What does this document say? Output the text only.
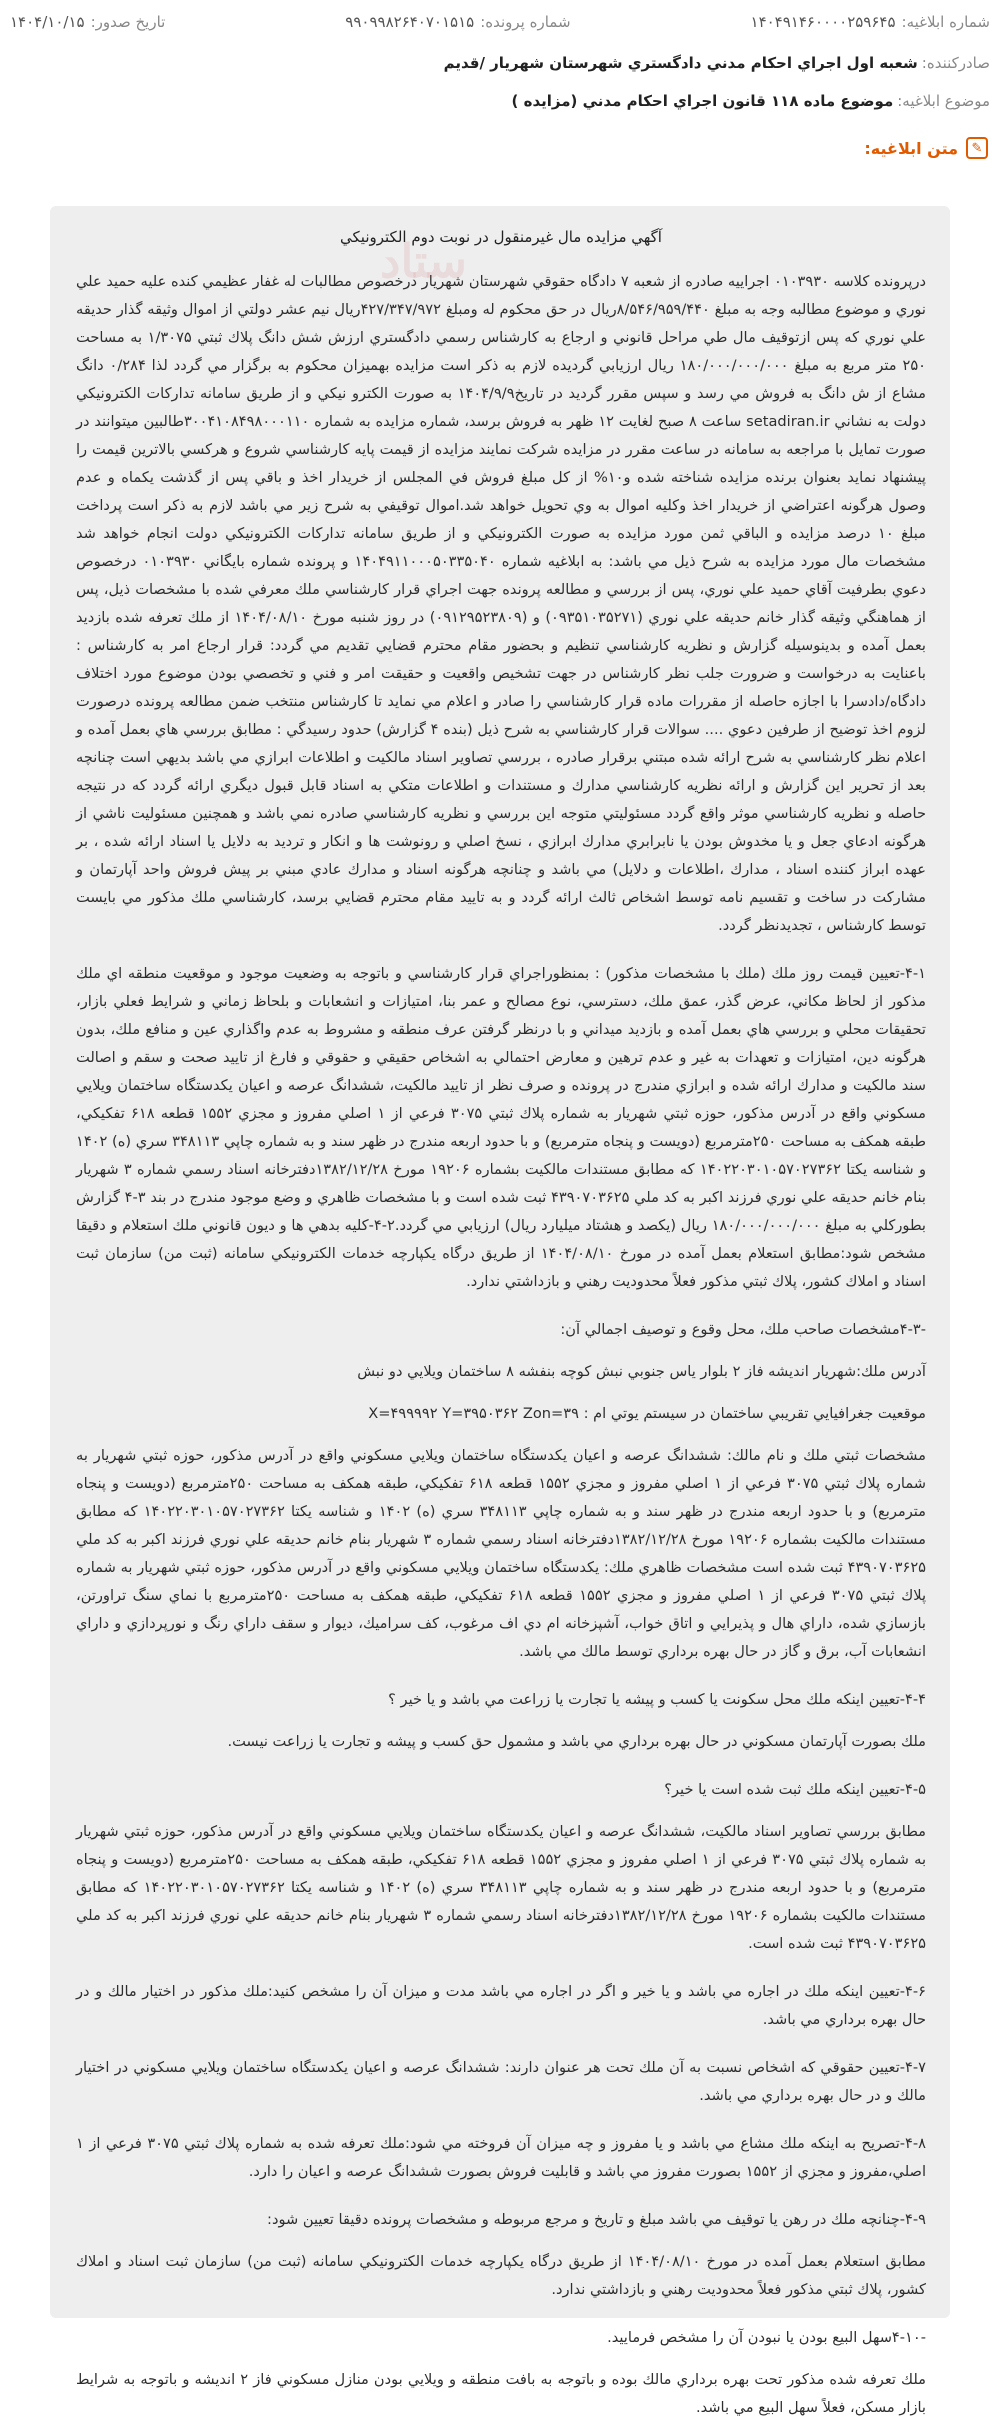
شماره ابلاغيه:۱۴۰۴۹۱۴۶۰۰۰۰۲۵۹۶۴۵
شماره پرونده:۹۹۰۹۹۸۲۶۴۰۷۰۱۵۱۵
تاريخ صدور:۱۴۰۴/۱۰/۱۵
صادركننده:شعبه اول اجراي احكام مدني دادگستري شهرستان شهريار /قديم
موضوع ابلاغيه:موضوع ماده ۱۱۸ قانون اجراي احكام مدني (مزايده )
✎
متن ابلاغيه:
ستاد
آگهي مزايده مال غيرمنقول در نوبت دوم الكترونيكي

درپرونده كلاسه ۰۱۰۳۹۳۰ اجراييه صادره از شعبه ۷ دادگاه حقوقي شهرستان شهريار درخصوص مطالبات له غفار عظيمي كنده عليه حميد علي نوري و موضوع مطالبه وجه به مبلغ ۸/۵۴۶/۹۵۹/۴۴۰ريال در حق محكوم له ومبلغ ۴۲۷/۳۴۷/۹۷۲ريال نيم عشر دولتي از اموال وثيقه گذار حديقه علي نوري كه پس ازتوقيف مال طي مراحل قانوني و ارجاع به كارشناس رسمي دادگستري ارزش شش دانگ پلاك ثبتي ۱/۳۰۷۵ به مساحت ۲۵۰ متر مربع به مبلغ ۱۸۰/۰۰۰/۰۰۰/۰۰۰ ريال ارزيابي گرديده لازم به ذكر است مزايده بهميزان محكوم به برگزار مي گردد لذا ۰/۲۸۴ دانگ مشاع از ش دانگ به فروش مي رسد و سپس مقرر گرديد در تاريخ۱۴۰۴/۹/۹ به صورت الكترو نيكي و از طريق سامانه تداركات الكترونيكي دولت به نشاني setadiran.ir ساعت ۸ صبح لغايت ۱۲ ظهر به فروش برسد، شماره مزايده به شماره ۳۰۰۴۱۰۸۴۹۸۰۰۰۱۱۰طالبين ميتوانند در صورت تمايل با مراجعه به سامانه در ساعت مقرر در مزايده شركت نمايند مزايده از قيمت پايه كارشناسي شروع و هركسي بالاترين قيمت را پيشنهاد نمايد بعنوان برنده مزايده شناخته شده و۱۰% از كل مبلغ فروش في المجلس از خريدار اخذ و باقي پس از گذشت يكماه و عدم وصول هرگونه اعتراضي از خريدار اخذ وكليه اموال به وي تحويل خواهد شد.اموال توقيفي به شرح زير مي باشد لازم به ذكر است پرداخت مبلغ ۱۰ درصد مزايده و الباقي ثمن مورد مزايده به صورت الكترونيكي و از طريق سامانه تداركات الكترونيكي دولت انجام خواهد شد مشخصات مال مورد مزايده به شرح ذيل مي باشد: به ابلاغيه شماره ۱۴۰۴۹۱۱۰۰۰۵۰۳۳۵۰۴۰ و پرونده شماره بايگاني ۰۱۰۳۹۳۰ درخصوص دعوي بطرفيت آقاي حميد علي نوري، پس از بررسي و مطالعه پرونده جهت اجراي قرار كارشناسي ملك معرفي شده با مشخصات ذيل، پس از هماهنگي وثيقه گذار خانم حديقه علي نوري (۰۹۳۵۱۰۳۵۲۷۱) و (۰۹۱۲۹۵۲۳۸۰۹) در روز شنبه مورخ ۱۴۰۴/۰۸/۱۰ از ملك تعرفه شده بازديد بعمل آمده و بدينوسيله گزارش و نظريه كارشناسي تنظيم و بحضور مقام محترم قضايي تقديم مي گردد: قرار ارجاع امر به كارشناس : باعنايت به درخواست و ضرورت جلب نظر كارشناس در جهت تشخيص واقعيت و حقيقت امر و فني و تخصصي بودن موضوع مورد اختلاف دادگاه/دادسرا با اجازه حاصله از مقررات ماده قرار كارشناسي را صادر و اعلام مي نمايد تا كارشناس منتخب ضمن مطالعه پرونده درصورت لزوم اخذ توضيح از طرفين دعوي .... سوالات قرار كارشناسي به شرح ذيل (بنده ۴ گزارش) حدود رسيدگي : مطابق بررسي هاي بعمل آمده و اعلام نظر كارشناسي به شرح ارائه شده مبتني برقرار صادره ، بررسي تصاوير اسناد مالكيت و اطلاعات ابرازي مي باشد بديهي است چنانچه بعد از تحرير اين گزارش و ارائه نظريه كارشناسي مدارك و مستندات و اطلاعات متكي به اسناد قابل قبول ديگري ارائه گردد كه در نتيجه حاصله و نظريه كارشناسي موثر واقع گردد مسئوليتي متوجه اين بررسي و نظريه كارشناسي صادره نمي باشد و همچنين مسئوليت ناشي از هرگونه ادعاي جعل و يا مخدوش بودن يا نابرابري مدارك ابرازي ، نسخ اصلي و رونوشت ها و انكار و ترديد به دلايل يا اسناد ارائه شده ، بر عهده ابراز كننده اسناد ، مدارك ،اطلاعات و دلايل) مي باشد و چنانچه هرگونه اسناد و مدارك عادي مبني بر پيش فروش واحد آپارتمان و مشاركت در ساخت و تقسيم نامه توسط اشخاص ثالث ارائه گردد و به تاييد مقام محترم قضايي برسد، كارشناسي ملك مذكور مي بايست توسط كارشناس ، تجديدنظر گردد.

۴-۱-تعيين قيمت روز ملك (ملك با مشخصات مذكور) : بمنظوراجراي قرار كارشناسي و باتوجه به وضعيت موجود و موقعيت منطقه اي ملك مذكور از لحاظ مكاني، عرض گذر، عمق ملك، دسترسي، نوع مصالح و عمر بنا، امتيازات و انشعابات و بلحاظ زماني و شرايط فعلي بازار، تحقيقات محلي و بررسي هاي بعمل آمده و بازديد ميداني و با درنظر گرفتن عرف منطقه و مشروط به عدم واگذاري عين و منافع ملك، بدون هرگونه دين، امتيازات و تعهدات به غير و عدم ترهين و معارض احتمالي به اشخاص حقيقي و حقوقي و فارغ از تاييد صحت و سقم و اصالت سند مالكيت و مدارك ارائه شده و ابرازي مندرج در پرونده و صرف نظر از تاييد مالكيت، ششدانگ عرصه و اعيان يكدستگاه ساختمان ويلايي مسكوني واقع در آدرس مذكور، حوزه ثبتي شهريار به شماره پلاك ثبتي ۳۰۷۵ فرعي از ۱ اصلي مفروز و مجزي ۱۵۵۲ قطعه ۶۱۸ تفكيكي، طبقه همكف به مساحت ۲۵۰مترمربع (دويست و پنجاه مترمربع) و با حدود اربعه مندرج در ظهر سند و به شماره چاپي ۳۴۸۱۱۳ سري (ه) ۱۴۰۲ و شناسه يكتا ۱۴۰۲۲۰۳۰۱۰۵۷۰۲۷۳۶۲ كه مطابق مستندات مالكيت بشماره ۱۹۲۰۶ مورخ ۱۳۸۲/۱۲/۲۸دفترخانه اسناد رسمي شماره ۳ شهريار بنام خانم حديقه علي نوري فرزند اكبر به كد ملي ۴۳۹۰۷۰۳۶۲۵ ثبت شده است و با مشخصات ظاهري و وضع موجود مندرج در بند ۳-۴ گزارش بطوركلي به مبلغ ۱۸۰/۰۰۰/۰۰۰/۰۰۰ ريال (يكصد و هشتاد ميليارد ريال) ارزيابي مي گردد.۲-۴-كليه بدهي ها و ديون قانوني ملك استعلام و دقيقا مشخص شود:مطابق استعلام بعمل آمده در مورخ ۱۴۰۴/۰۸/۱۰ از طريق درگاه يكپارچه خدمات الكترونيكي سامانه (ثبت من) سازمان ثبت اسناد و املاك كشور، پلاك ثبتي مذكور فعلاً محدوديت رهني و بازداشتي ندارد.

-۴-۳مشخصات صاحب ملك، محل وقوع و توصيف اجمالي آن:

آدرس ملك:شهريار انديشه فاز ۲ بلوار ياس جنوبي نبش كوچه بنفشه ۸ ساختمان ويلايي دو نبش

موقعيت جغرافيايي تقريبي ساختمان در سيستم يوتي ام : X=۴۹۹۹۹۲ Y=۳۹۵۰۳۶۲ Zon=۳۹

مشخصات ثبتي ملك و نام مالك: ششدانگ عرصه و اعيان يكدستگاه ساختمان ويلايي مسكوني واقع در آدرس مذكور، حوزه ثبتي شهريار به شماره پلاك ثبتي ۳۰۷۵ فرعي از ۱ اصلي مفروز و مجزي ۱۵۵۲ قطعه ۶۱۸ تفكيكي، طبقه همكف به مساحت ۲۵۰مترمربع (دويست و پنجاه مترمربع) و با حدود اربعه مندرج در ظهر سند و به شماره چاپي ۳۴۸۱۱۳ سري (ه) ۱۴۰۲ و شناسه يكتا ۱۴۰۲۲۰۳۰۱۰۵۷۰۲۷۳۶۲ كه مطابق مستندات مالكيت بشماره ۱۹۲۰۶ مورخ ۱۳۸۲/۱۲/۲۸دفترخانه اسناد رسمي شماره ۳ شهريار بنام خانم حديقه علي نوري فرزند اكبر به كد ملي ۴۳۹۰۷۰۳۶۲۵ ثبت شده است مشخصات ظاهري ملك: يكدستگاه ساختمان ويلايي مسكوني واقع در آدرس مذكور، حوزه ثبتي شهريار به شماره پلاك ثبتي ۳۰۷۵ فرعي از ۱ اصلي مفروز و مجزي ۱۵۵۲ قطعه ۶۱۸ تفكيكي، طبقه همكف به مساحت ۲۵۰مترمربع با نماي سنگ تراورتن، بازسازي شده، داراي هال و پذيرايي و اتاق خواب، آشپزخانه ام دي اف مرغوب، كف سراميك، ديوار و سقف داراي رنگ و نورپردازي و داراي انشعابات آب، برق و گاز در حال بهره برداري توسط مالك مي باشد.

۴-۴-تعيين اينكه ملك محل سكونت يا كسب و پيشه يا تجارت يا زراعت مي باشد و يا خير ؟

ملك بصورت آپارتمان مسكوني در حال بهره برداري مي باشد و مشمول حق كسب و پيشه و تجارت يا زراعت نيست.

۴-۵-تعيين اينكه ملك ثبت شده است يا خير؟

مطابق بررسي تصاوير اسناد مالكيت، ششدانگ عرصه و اعيان يكدستگاه ساختمان ويلايي مسكوني واقع در آدرس مذكور، حوزه ثبتي شهريار به شماره پلاك ثبتي ۳۰۷۵ فرعي از ۱ اصلي مفروز و مجزي ۱۵۵۲ قطعه ۶۱۸ تفكيكي، طبقه همكف به مساحت ۲۵۰مترمربع (دويست و پنجاه مترمربع) و با حدود اربعه مندرج در ظهر سند و به شماره چاپي ۳۴۸۱۱۳ سري (ه) ۱۴۰۲ و شناسه يكتا ۱۴۰۲۲۰۳۰۱۰۵۷۰۲۷۳۶۲ كه مطابق مستندات مالكيت بشماره ۱۹۲۰۶ مورخ ۱۳۸۲/۱۲/۲۸دفترخانه اسناد رسمي شماره ۳ شهريار بنام خانم حديقه علي نوري فرزند اكبر به كد ملي ۴۳۹۰۷۰۳۶۲۵ ثبت شده است.

۴-۶-تعيين اينكه ملك در اجاره مي باشد و يا خير و اگر در اجاره مي باشد مدت و ميزان آن را مشخص كنيد:ملك مذكور در اختيار مالك و در حال بهره برداري مي باشد.

۴-۷-تعيين حقوقي كه اشخاص نسبت به آن ملك تحت هر عنوان دارند: ششدانگ عرصه و اعيان يكدستگاه ساختمان ويلايي مسكوني در اختيار مالك و در حال بهره برداري مي باشد.

۴-۸-تصريح به اينكه ملك مشاع مي باشد و يا مفروز و چه ميزان آن فروخته مي شود:ملك تعرفه شده به شماره پلاك ثبتي ۳۰۷۵ فرعي از ۱ اصلي،مفروز و مجزي از ۱۵۵۲ بصورت مفروز مي باشد و قابليت فروش بصورت ششدانگ عرصه و اعيان را دارد.

۴-۹-چنانچه ملك در رهن يا توقيف مي باشد مبلغ و تاريخ و مرجع مربوطه و مشخصات پرونده دقيقا تعيين شود:

مطابق استعلام بعمل آمده در مورخ ۱۴۰۴/۰۸/۱۰ از طريق درگاه يكپارچه خدمات الكترونيكي سامانه (ثبت من) سازمان ثبت اسناد و املاك كشور، پلاك ثبتي مذكور فعلاً محدوديت رهني و بازداشتي ندارد.

-۴-۱۰سهل البيع بودن يا نبودن آن را مشخص فرماييد.

ملك تعرفه شده مذكور تحت بهره برداري مالك بوده و باتوجه به بافت منطقه و ويلايي بودن منازل مسكوني فاز ۲ انديشه و باتوجه به شرايط بازار مسكن، فعلاً سهل البيع مي باشد.
